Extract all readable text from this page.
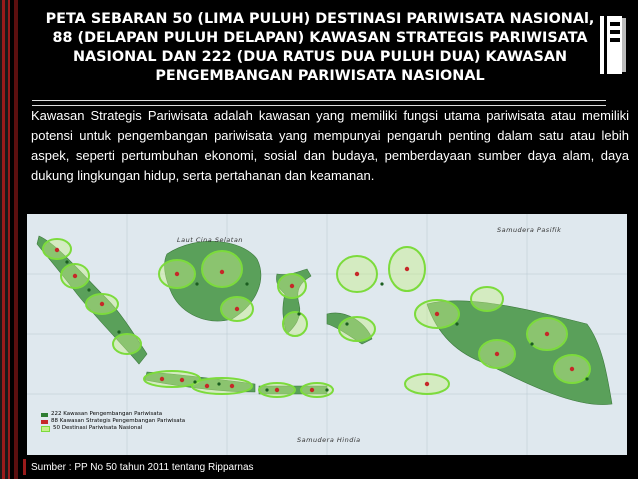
PETA SEBARAN 50 (LIMA PULUH) DESTINASI PARIWISATA NASIONAl,
88 (DELAPAN PULUH DELAPAN) KAWASAN STRATEGIS PARIWISATA
NASIONAL DAN 222 (DUA RATUS DUA PULUH DUA) KAWASAN
PENGEMBANGAN PARIWISATA NASIONAL
Kawasan Strategis Pariwisata adalah kawasan yang memiliki fungsi utama pariwisata atau memiliki potensi untuk pengembangan pariwisata yang mempunyai pengaruh penting dalam satu atau lebih aspek, seperti pertumbuhan ekonomi, sosial dan budaya, pemberdayaan sumber daya alam, daya dukung lingkungan hidup, serta pertahanan dan keamanan.
Laut Cina Selatan
Samudera Pasifik
Samudera Hindia
222 Kawasan Pengembangan Pariwisata
88 Kawasan Strategis Pengembangan Pariwisata
50 Destinasi Pariwisata Nasional
Sumber : PP No 50 tahun 2011 tentang Ripparnas
